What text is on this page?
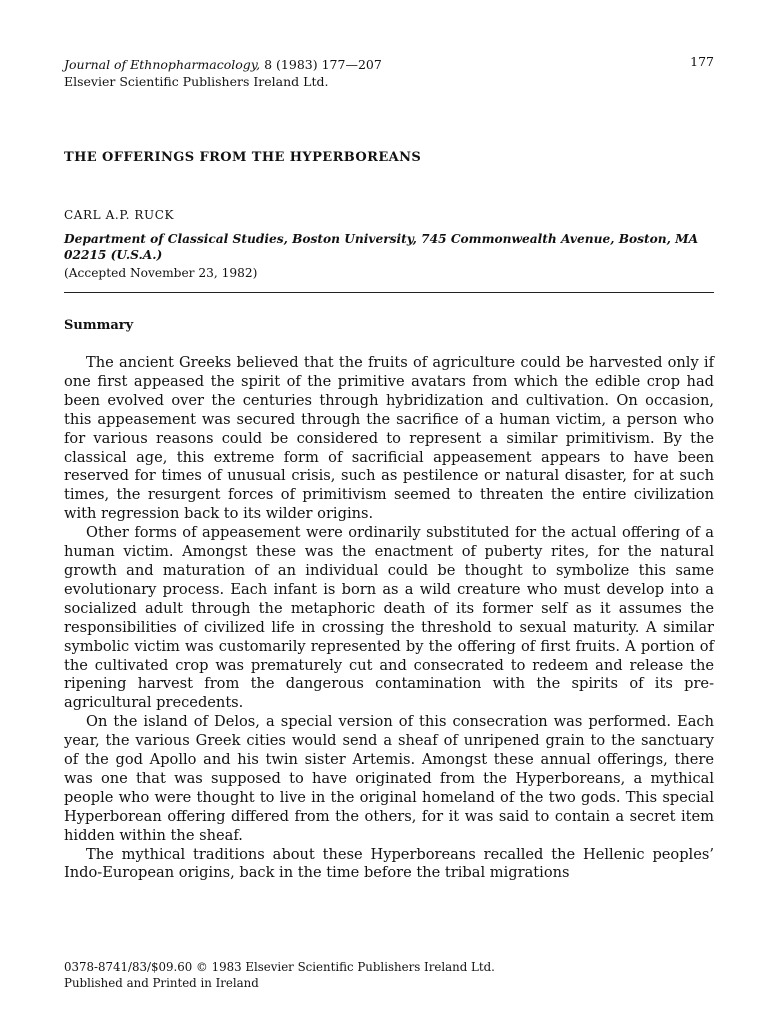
Journal of Ethnopharmacology, 8 (1983) 177—207
Elsevier Scientific Publishers Ireland Ltd.
177
THE OFFERINGS FROM THE HYPERBOREANS
CARL A.P. RUCK
Department of Classical Studies, Boston University, 745 Commonwealth Avenue, Boston, MA 02215 (U.S.A.)
(Accepted November 23, 1982)
Summary

The ancient Greeks believed that the fruits of agriculture could be harvested only if one first appeased the spirit of the primitive avatars from which the edible crop had been evolved over the centuries through hybridization and cultivation. On occasion, this appeasement was secured through the sacrifice of a human victim, a person who for various reasons could be considered to represent a similar primitivism. By the classical age, this extreme form of sacrificial appeasement appears to have been reserved for times of unusual crisis, such as pestilence or natural disaster, for at such times, the resurgent forces of primitivism seemed to threaten the entire civilization with regression back to its wilder origins.

Other forms of appeasement were ordinarily substituted for the actual offering of a human victim. Amongst these was the enactment of puberty rites, for the natural growth and maturation of an individual could be thought to symbolize this same evolutionary process. Each infant is born as a wild creature who must develop into a socialized adult through the metaphoric death of its former self as it assumes the responsibilities of civilized life in crossing the threshold to sexual maturity. A similar symbolic victim was customarily represented by the offering of first fruits. A portion of the cultivated crop was prematurely cut and consecrated to redeem and release the ripening harvest from the dangerous contamination with the spirits of its pre-agricultural precedents.

On the island of Delos, a special version of this consecration was performed. Each year, the various Greek cities would send a sheaf of unripened grain to the sanctuary of the god Apollo and his twin sister Artemis. Amongst these annual offerings, there was one that was supposed to have originated from the Hyperboreans, a mythical people who were thought to live in the original homeland of the two gods. This special Hyperborean offering differed from the others, for it was said to contain a secret item hidden within the sheaf.

The mythical traditions about these Hyperboreans recalled the Hellenic peoples’ Indo-European origins, back in the time before the tribal migrations

0378-8741/83/$09.60 © 1983 Elsevier Scientific Publishers Ireland Ltd.
Published and Printed in Ireland
